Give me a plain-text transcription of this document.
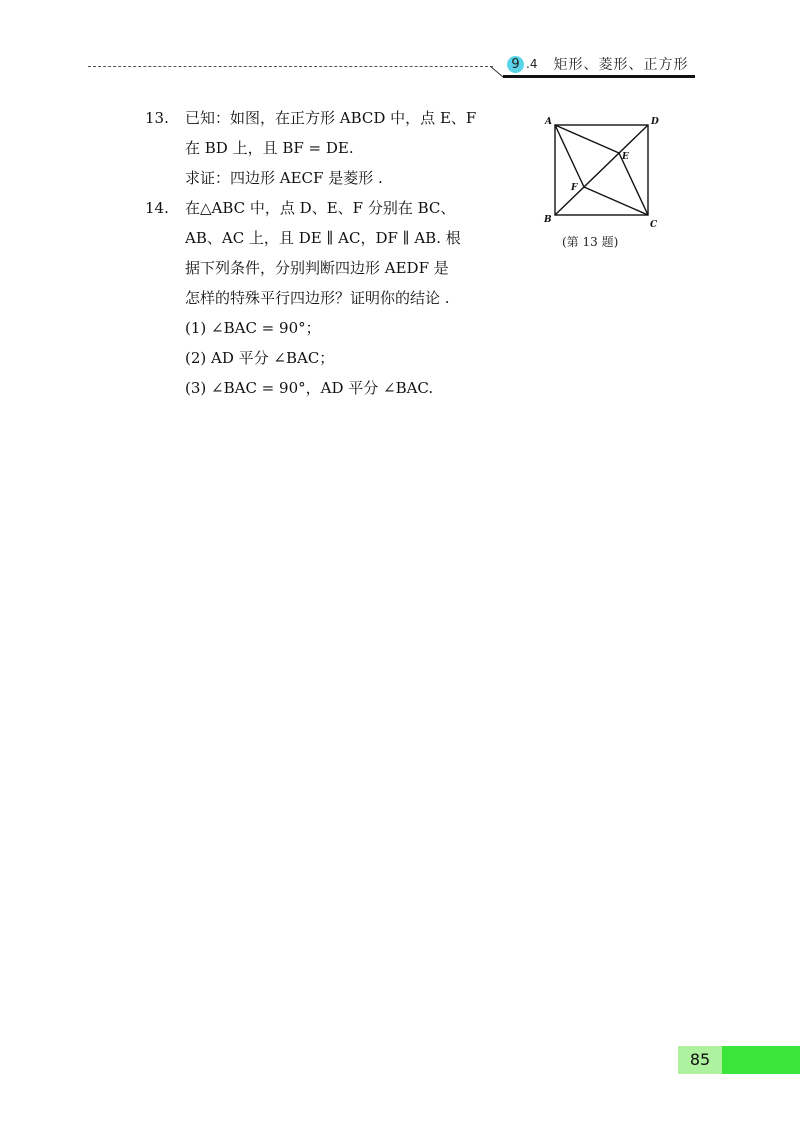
9 .4 矩形、菱形、正方形
13. 已知：如图，在正方形 ABCD 中，点 E、F
在 BD 上，且 BF = DE.
求证：四边形 AECF 是菱形 .
14. 在△ABC 中，点 D、E、F 分别在 BC、
AB、AC 上，且 DE ∥ AC，DF ∥ AB. 根
据下列条件，分别判断四边形 AEDF 是
怎样的特殊平行四边形？证明你的结论 .
(1) ∠BAC = 90°；
(2) AD 平分 ∠BAC；
(3) ∠BAC = 90°，AD 平分 ∠BAC.
A	D
E
F
B	C
(第 13 题)
85
